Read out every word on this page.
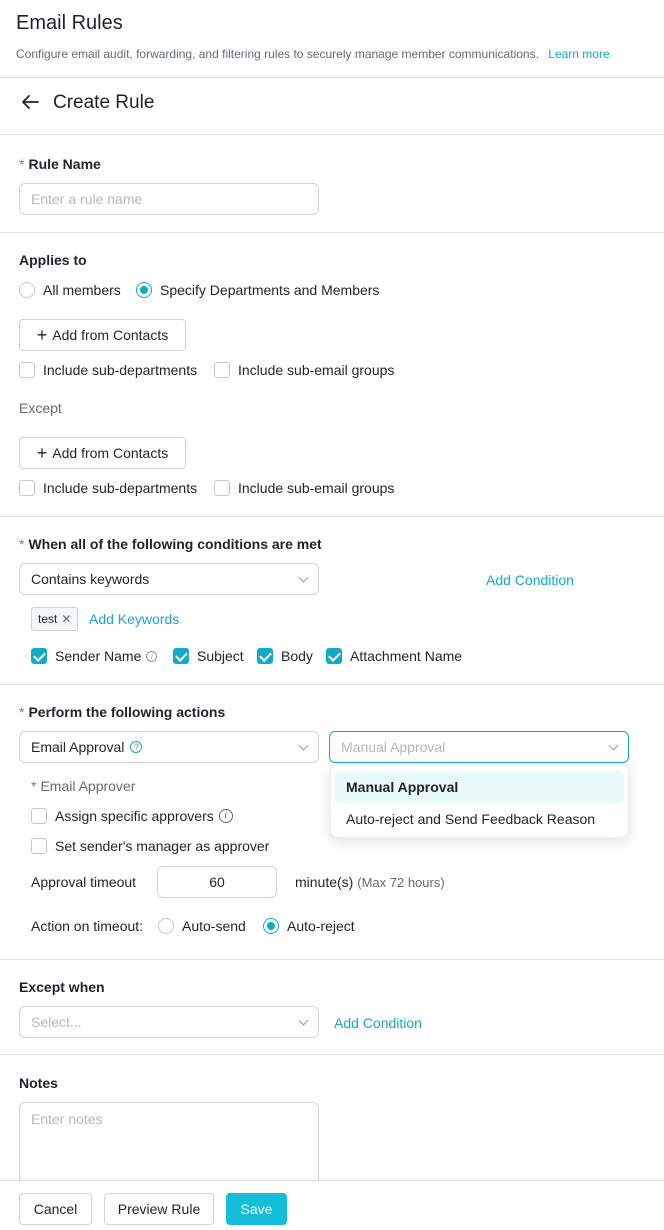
Email Rules
Configure email audit, forwarding, and filtering rules to securely manage member communications. Learn more
Create Rule
* Rule Name
Enter a rule name
Applies to
All members	Specify Departments and Members
+ Add from Contacts
Include sub-departments	Include sub-email groups
Except
+ Add from Contacts
Include sub-departments	Include sub-email groups
* When all of the following conditions are met
Contains keywords	Add Condition
test ✕ Add Keywords
Sender Name	i	Subject	Body	Attachment Name
* Perform the following actions
Email Approval	?	Manual Approval
* Email Approver
Assign specific approvers	i
Set sender's manager as approver
Approval timeout	60	minute(s) (Max 72 hours)
Action on timeout:	Auto-send	Auto-reject
Except when
Select...	Add Condition
Notes
Enter notes
Manual Approval
Auto-reject and Send Feedback Reason
Cancel	Preview Rule	Save
